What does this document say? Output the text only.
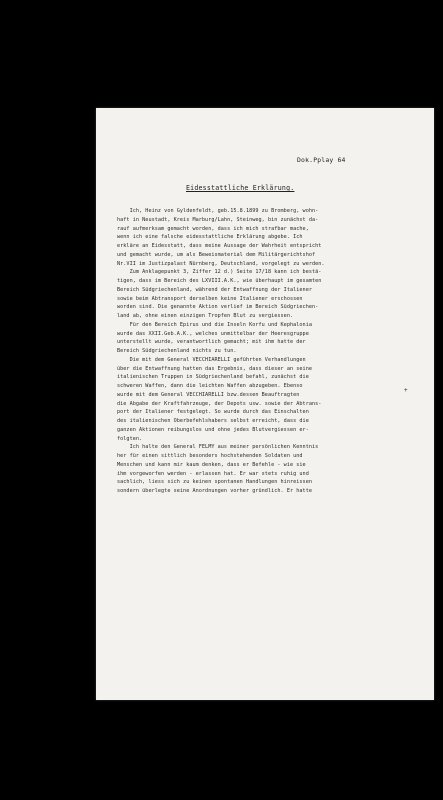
Dok.Pplay 64
Eidesstattliche Erklärung.
Ich, Heinz von Gyldenfeldt, geb.15.8.1899 zu Bromberg, wohn-
haft in Neustadt, Kreis Marburg/Lahn, Steinweg, bin zunächst da-
rauf aufmerksam gemacht worden, dass ich mich strafbar mache,
wenn ich eine falsche eidesstattliche Erklärung abgebe. Ich
erkläre an Eidesstatt, dass meine Aussage der Wahrheit entspricht
und gemacht wurde, um als Beweismaterial dem Militärgerichtshof
Nr.VII im Justizpalast Nürnberg, Deutschland, vorgelegt zu werden.
Zum Anklagepunkt 3, Ziffer 12 d.) Seite 17/18 kann ich bestä-
tigen, dass im Bereich des LXVIII.A.K., wie überhaupt im gesamten
Bereich Südgriechenland, während der Entwaffnung der Italiener
sowie beim Abtransport derselben keine Italiener erschossen
worden sind. Die genannte Aktion verlief im Bereich Südgriechen-
land ab, ohne einen einzigen Tropfen Blut zu vergiessen.
Für den Bereich Epirus und die Inseln Korfu und Kephalonia
wurde das XXII.Geb.A.K., welches unmittelbar der Heeresgruppe
unterstellt wurde, verantwortlich gemacht; mit ihm hatte der
Bereich Südgriechenland nichts zu tun.
Die mit dem General VECCHIARELLI geführten Verhandlungen
über die Entwaffnung hatten das Ergebnis, dass dieser an seine
italienischen Truppen in Südgriechenland befahl, zunächst die
schweren Waffen, dann die leichten Waffen abzugeben. Ebenso
wurde mit dem General VECCHIARELLI bzw.dessen Beauftragten
die Abgabe der Kraftfahrzeuge, der Depots usw. sowie der Abtrans-
port der Italiener festgelegt. So wurde durch das Einschalten
des italienischen Oberbefehlshabers selbst erreicht, dass die
ganzen Aktionen reibungslos und ohne jedes Blutvergiessen er-
folgten.
Ich halte den General FELMY aus meiner persönlichen Kenntnis
her für einen sittlich besonders hochstehenden Soldaten und
Menschen und kann mir kaum denken, dass er Befehle - wie sie
ihm vorgeworfen werden - erlassen hat. Er war stets ruhig und
sachlich, liess sich zu keinen spontanen Handlungen hinreissen
sondern überlegte seine Anordnungen vorher gründlich. Er hatte
+
